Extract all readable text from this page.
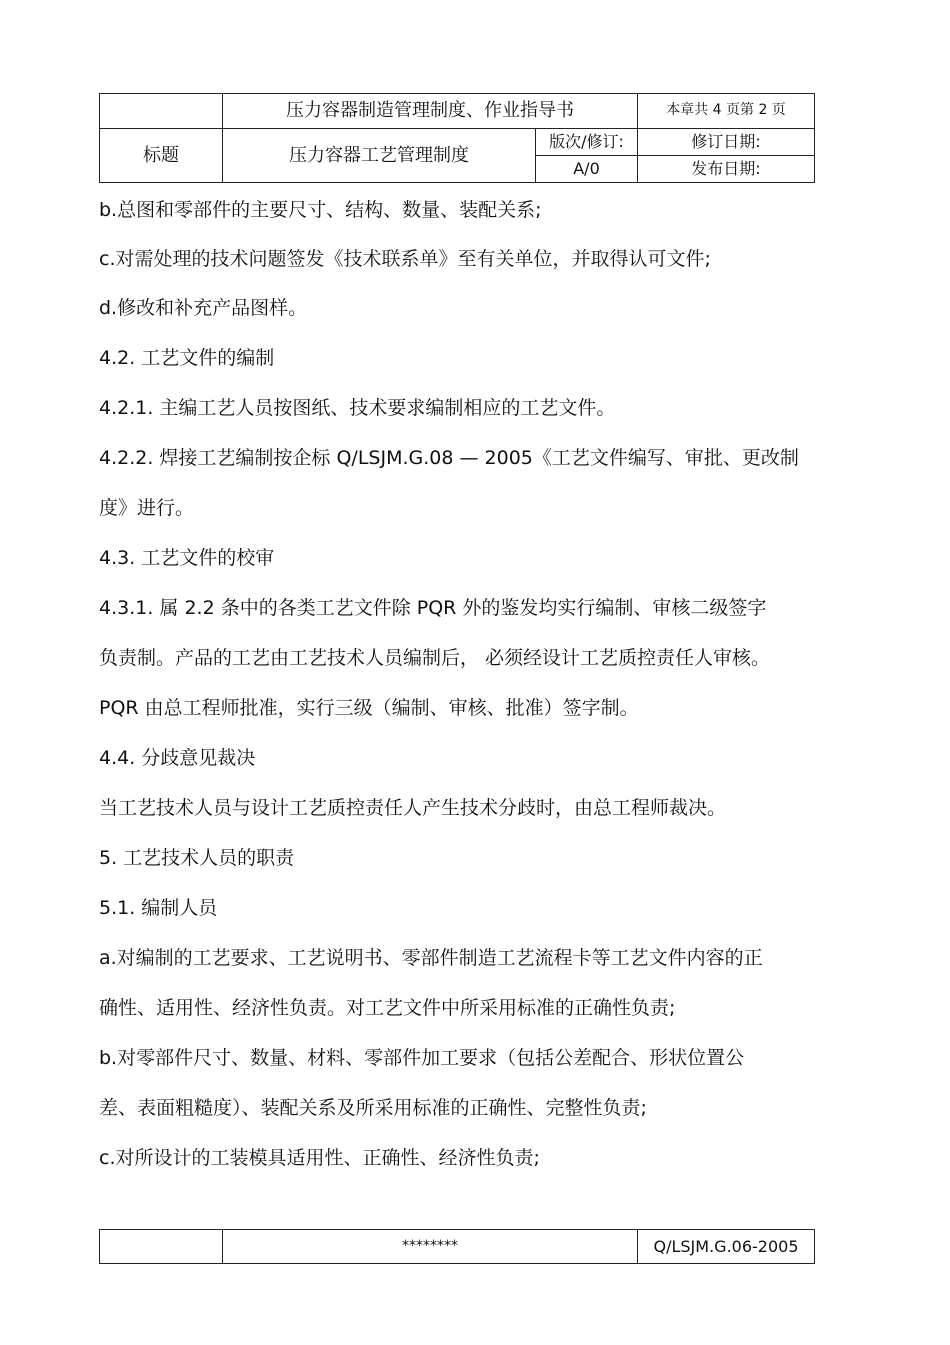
	压力容器制造管理制度、作业指导书		本章共 4 页第 2 页
标题	压力容器工艺管理制度	版次/修订:	修订日期:
		A/0	发布日期:
b.总图和零部件的主要尺寸、结构、数量、装配关系;
c.对需处理的技术问题签发《技术联系单》至有关单位，并取得认可文件;
d.修改和补充产品图样。
4.2. 工艺文件的编制
4.2.1. 主编工艺人员按图纸、技术要求编制相应的工艺文件。
4.2.2. 焊接工艺编制按企标 Q/LSJM.G.08 — 2005《工艺文件编写、审批、更改制
度》进行。
4.3. 工艺文件的校审
4.3.1. 属 2.2 条中的各类工艺文件除 PQR 外的鉴发均实行编制、审核二级签字
负责制。产品的工艺由工艺技术人员编制后， 必须经设计工艺质控责任人审核。
PQR 由总工程师批准，实行三级（编制、审核、批准）签字制。
4.4. 分歧意见裁决
当工艺技术人员与设计工艺质控责任人产生技术分歧时，由总工程师裁决。
5. 工艺技术人员的职责
5.1. 编制人员
a.对编制的工艺要求、工艺说明书、零部件制造工艺流程卡等工艺文件内容的正
确性、适用性、经济性负责。对工艺文件中所采用标准的正确性负责;
b.对零部件尺寸、数量、材料、零部件加工要求（包括公差配合、形状位置公
差、表面粗糙度）、装配关系及所采用标准的正确性、完整性负责;
c.对所设计的工装模具适用性、正确性、经济性负责;
	********	Q/LSJM.G.06-2005
